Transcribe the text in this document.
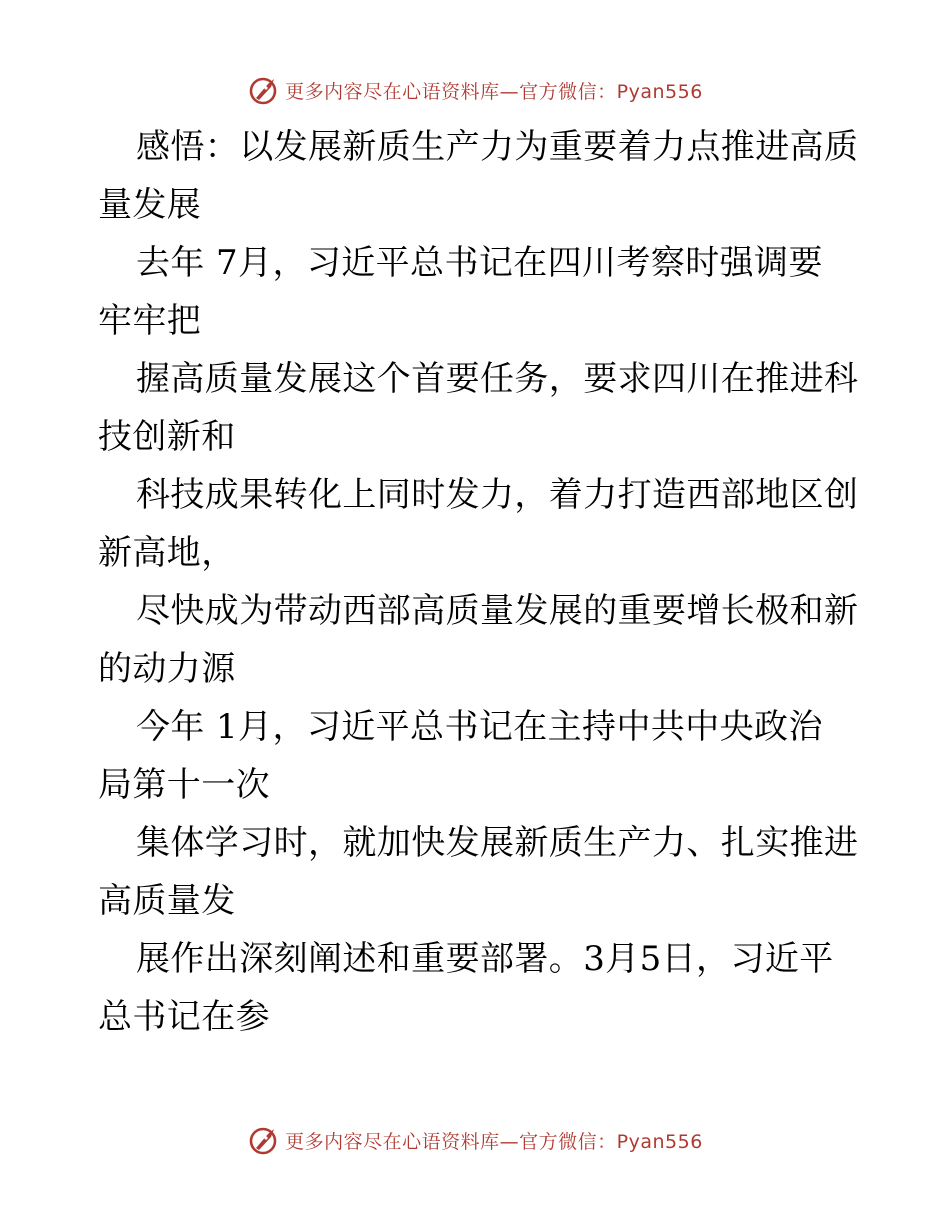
更多内容尽在心语资料库—官方微信：Pyan556

感悟：以发展新质生产力为重要着力点推进高质
量发展

去年 7月，习近平总书记在四川考察时强调要
牢牢把

握高质量发展这个首要任务，要求四川在推进科
技创新和

科技成果转化上同时发力，着力打造西部地区创
新高地，

尽快成为带动西部高质量发展的重要增长极和新
的动力源

今年 1月，习近平总书记在主持中共中央政治
局第十一次

集体学习时，就加快发展新质生产力、扎实推进
高质量发

展作出深刻阐述和重要部署。3月5日，习近平
总书记在参

更多内容尽在心语资料库—官方微信：Pyan556
